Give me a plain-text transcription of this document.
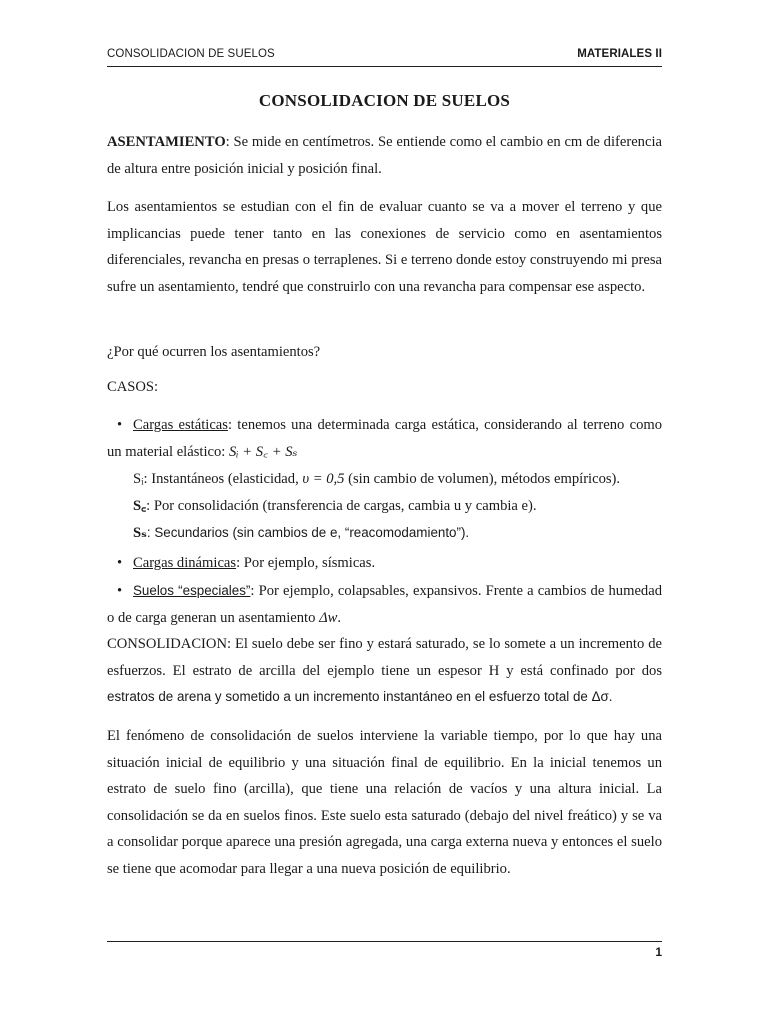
CONSOLIDACION DE SUELOS	MATERIALES II
CONSOLIDACION DE SUELOS
ASENTAMIENTO: Se mide en centímetros. Se entiende como el cambio en cm de diferencia de altura entre posición inicial y posición final.
Los asentamientos se estudian con el fin de evaluar cuanto se va a mover el terreno y que implicancias puede tener tanto en las conexiones de servicio como en asentamientos diferenciales, revancha en presas o terraplenes. Si e terreno donde estoy construyendo mi presa sufre un asentamiento, tendré que construirlo con una revancha para compensar ese aspecto.
¿Por qué ocurren los asentamientos?
CASOS:
• Cargas estáticas: tenemos una determinada carga estática, considerando al terreno como un material elástico: Sᵢ + S꜀ + Sₛ
Sᵢ: Instantáneos (elasticidad, υ = 0,5 (sin cambio de volumen), métodos empíricos).
S꜀: Por consolidación (transferencia de cargas, cambia u y cambia e).
Sₛ: Secundarios (sin cambios de e, “reacomodamiento”).
• Cargas dinámicas: Por ejemplo, sísmicas.
• Suelos “especiales”: Por ejemplo, colapsables, expansivos. Frente a cambios de humedad o de carga generan un asentamiento Δw.
CONSOLIDACION: El suelo debe ser fino y estará saturado, se lo somete a un incremento de esfuerzos. El estrato de arcilla del ejemplo tiene un espesor H y está confinado por dos estratos de arena y sometido a un incremento instantáneo en el esfuerzo total de Δσ.
El fenómeno de consolidación de suelos interviene la variable tiempo, por lo que hay una situación inicial de equilibrio y una situación final de equilibrio. En la inicial tenemos un estrato de suelo fino (arcilla), que tiene una relación de vacíos y una altura inicial. La consolidación se da en suelos finos. Este suelo esta saturado (debajo del nivel freático) y se va a consolidar porque aparece una presión agregada, una carga externa nueva y entonces el suelo se tiene que acomodar para llegar a una nueva posición de equilibrio.
1
